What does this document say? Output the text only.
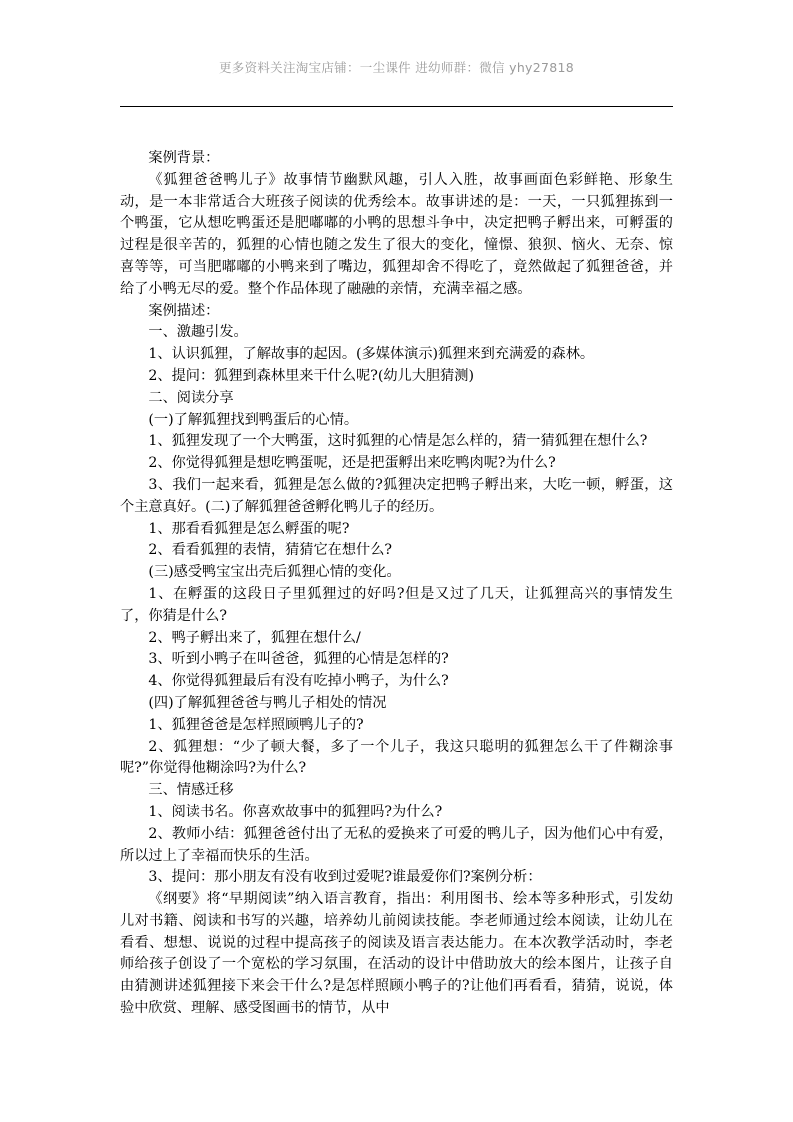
更多资料关注淘宝店铺：一尘课件 进幼师群：微信 yhy27818

案例背景：

《狐狸爸爸鸭儿子》故事情节幽默风趣，引人入胜，故事画面色彩鲜艳、形象生动，是一本非常适合大班孩子阅读的优秀绘本。故事讲述的是：一天，一只狐狸拣到一个鸭蛋，它从想吃鸭蛋还是肥嘟嘟的小鸭的思想斗争中，决定把鸭子孵出来，可孵蛋的过程是很辛苦的，狐狸的心情也随之发生了很大的变化，憧憬、狼狈、恼火、无奈、惊喜等等，可当肥嘟嘟的小鸭来到了嘴边，狐狸却舍不得吃了，竟然做起了狐狸爸爸，并给了小鸭无尽的爱。整个作品体现了融融的亲情，充满幸福之感。

案例描述：

一、激趣引发。

1、认识狐狸，了解故事的起因。(多媒体演示)狐狸来到充满爱的森林。

2、提问：狐狸到森林里来干什么呢?(幼儿大胆猜测)

二、阅读分享

(一)了解狐狸找到鸭蛋后的心情。

1、狐狸发现了一个大鸭蛋，这时狐狸的心情是怎么样的，猜一猜狐狸在想什么?

2、你觉得狐狸是想吃鸭蛋呢，还是把蛋孵出来吃鸭肉呢?为什么?

3、我们一起来看，狐狸是怎么做的?狐狸决定把鸭子孵出来，大吃一顿，孵蛋，这个主意真好。(二)了解狐狸爸爸孵化鸭儿子的经历。

1、那看看狐狸是怎么孵蛋的呢?

2、看看狐狸的表情，猜猜它在想什么?

(三)感受鸭宝宝出壳后狐狸心情的变化。

1、在孵蛋的这段日子里狐狸过的好吗?但是又过了几天，让狐狸高兴的事情发生了，你猜是什么?

2、鸭子孵出来了，狐狸在想什么/

3、听到小鸭子在叫爸爸，狐狸的心情是怎样的?

4、你觉得狐狸最后有没有吃掉小鸭子，为什么?

(四)了解狐狸爸爸与鸭儿子相处的情况

1、狐狸爸爸是怎样照顾鸭儿子的?

2、狐狸想：“少了顿大餐，多了一个儿子，我这只聪明的狐狸怎么干了件糊涂事呢?”你觉得他糊涂吗?为什么?

三、情感迁移

1、阅读书名。你喜欢故事中的狐狸吗?为什么?

2、教师小结：狐狸爸爸付出了无私的爱换来了可爱的鸭儿子，因为他们心中有爱，所以过上了幸福而快乐的生活。

3、提问：那小朋友有没有收到过爱呢?谁最爱你们?案例分析：

《纲要》将“早期阅读”纳入语言教育，指出：利用图书、绘本等多种形式，引发幼儿对书籍、阅读和书写的兴趣，培养幼儿前阅读技能。李老师通过绘本阅读，让幼儿在看看、想想、说说的过程中提高孩子的阅读及语言表达能力。在本次教学活动时，李老师给孩子创设了一个宽松的学习氛围，在活动的设计中借助放大的绘本图片，让孩子自由猜测讲述狐狸接下来会干什么?是怎样照顾小鸭子的?让他们再看看，猜猜，说说，体验中欣赏、理解、感受图画书的情节，从中
